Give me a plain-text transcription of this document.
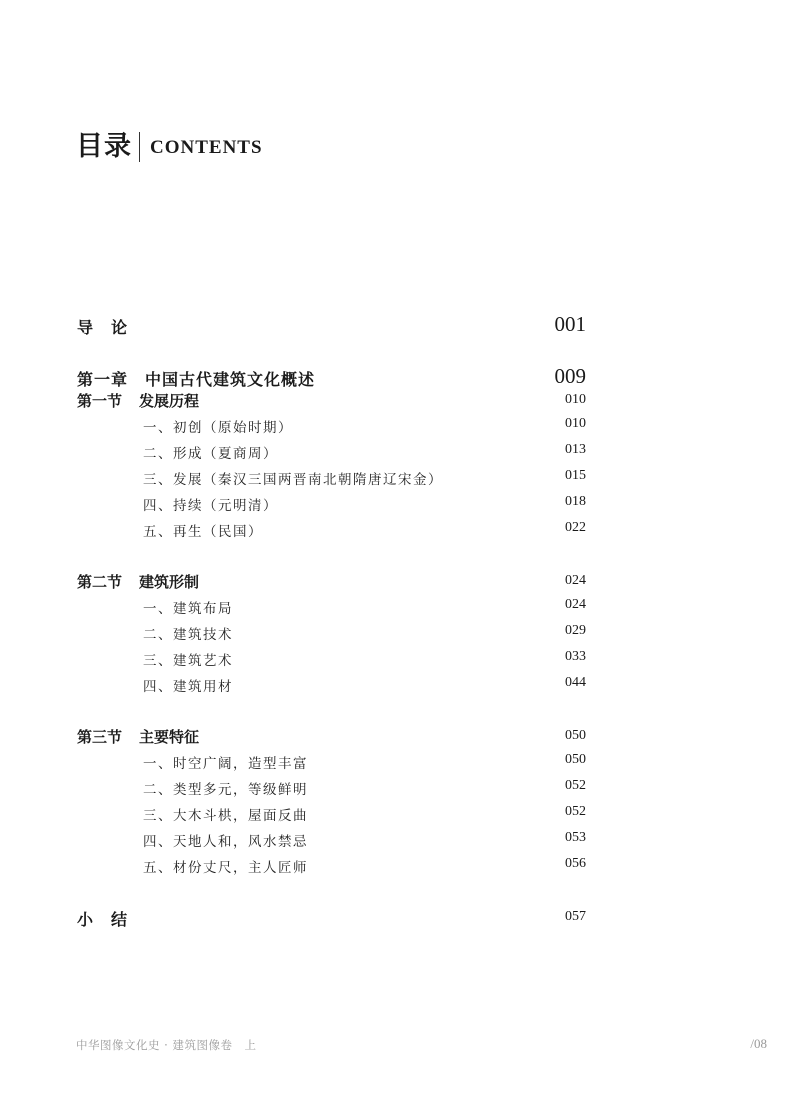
目录 CONTENTS
导　论	001
第一章　中国古代建筑文化概述	009
第一节 发展历程	010
一、初创（原始时期）	010
二、形成（夏商周）	013
三、发展（秦汉三国两晋南北朝隋唐辽宋金）	015
四、持续（元明清）	018
五、再生（民国）	022
第二节 建筑形制	024
一、建筑布局	024
二、建筑技术	029
三、建筑艺术	033
四、建筑用材	044
第三节 主要特征	050
一、时空广阔，造型丰富	050
二、类型多元，等级鲜明	052
三、大木斗栱，屋面反曲	052
四、天地人和，风水禁忌	053
五、材份丈尺，主人匠师	056
小　结	057
中华图像文化史 · 建筑图像卷　上	/08
